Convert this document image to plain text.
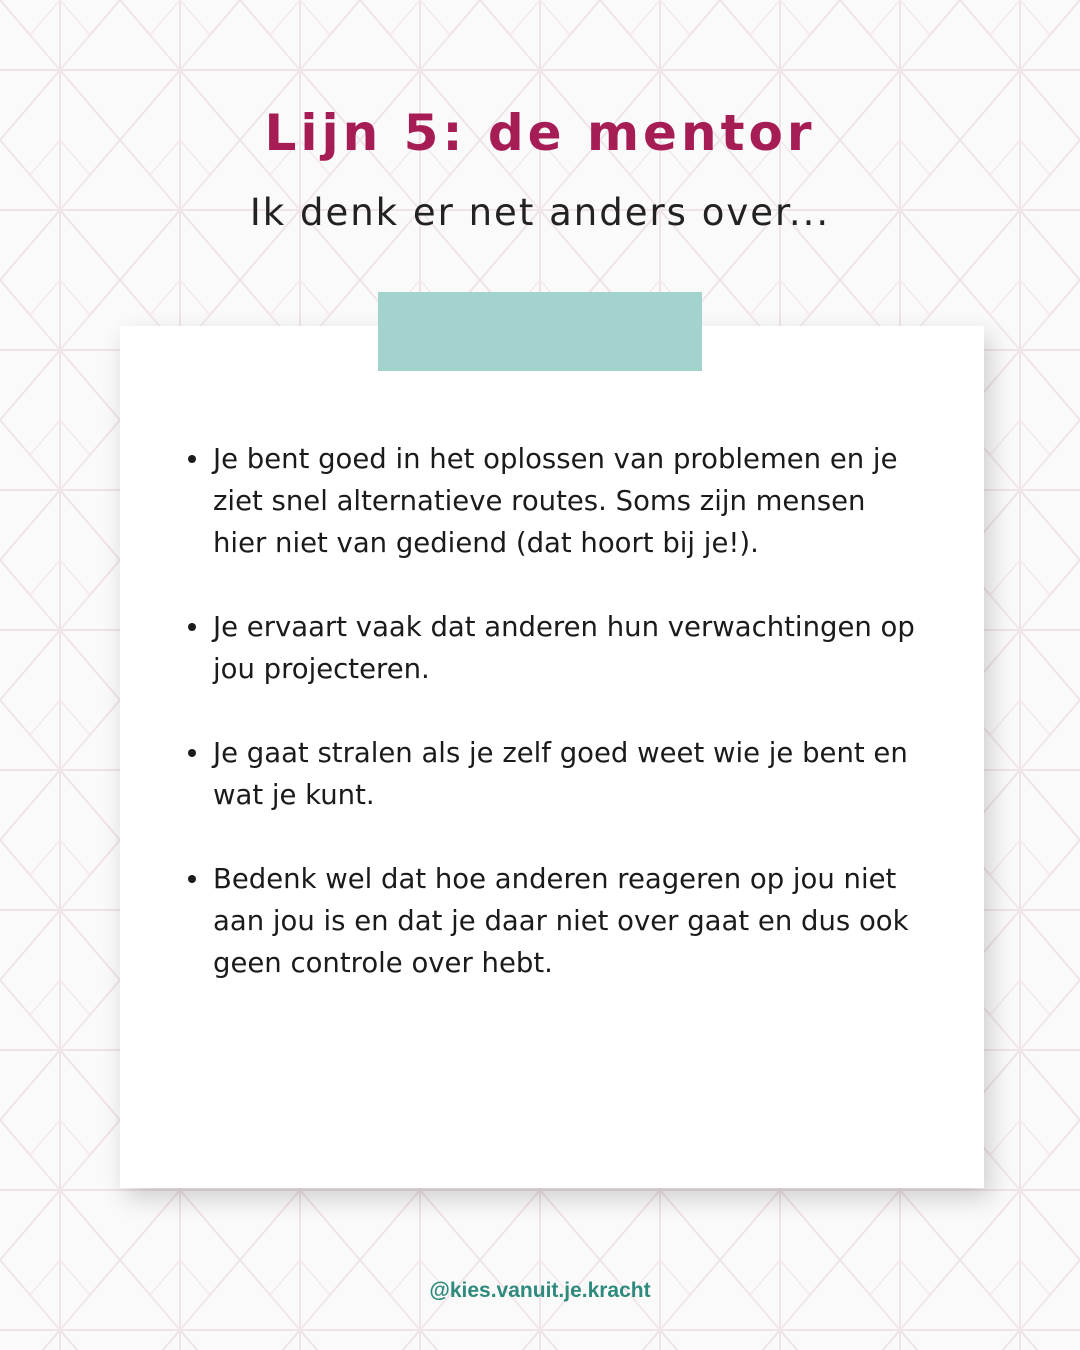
Lijn 5: de mentor
Ik denk er net anders over...
Je bent goed in het oplossen van problemen en je ziet snel alternatieve routes. Soms zijn mensen hier niet van gediend (dat hoort bij je!).
Je ervaart vaak dat anderen hun verwachtingen op jou projecteren.
Je gaat stralen als je zelf goed weet wie je bent en wat je kunt.
Bedenk wel dat hoe anderen reageren op jou niet aan jou is en dat je daar niet over gaat en dus ook geen controle over hebt.
@kies.vanuit.je.kracht
